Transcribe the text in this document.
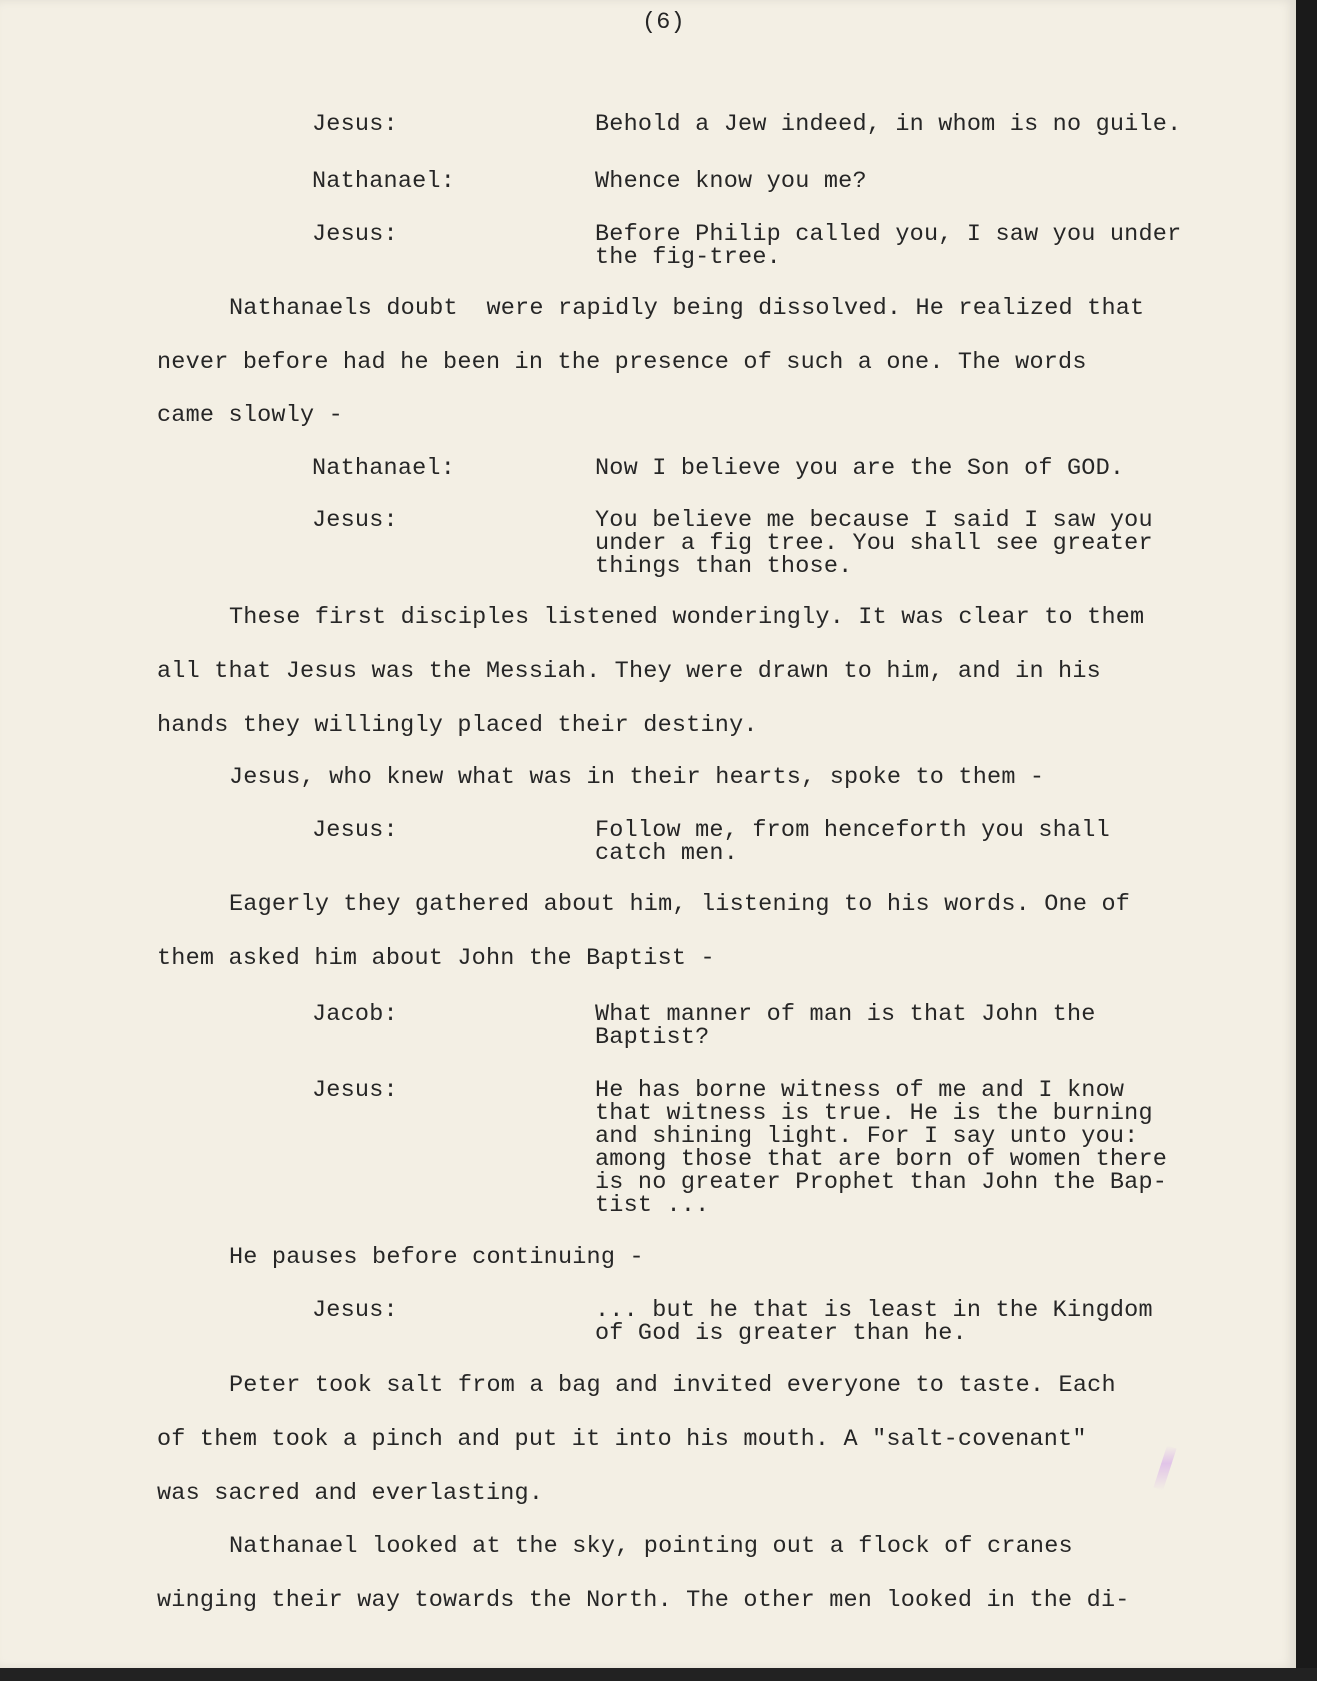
(6)
Jesus:	Behold a Jew indeed, in whom is no guile.
Nathanael:	Whence know you me?
Jesus:	Before Philip called you, I saw you under
the fig-tree.
Nathanaels doubt  were rapidly being dissolved. He realized that
never before had he been in the presence of such a one. The words
came slowly -
Nathanael:	Now I believe you are the Son of GOD.
Jesus:	You believe me because I said I saw you
under a fig tree. You shall see greater
things than those.
These first disciples listened wonderingly. It was clear to them
all that Jesus was the Messiah. They were drawn to him, and in his
hands they willingly placed their destiny.
Jesus, who knew what was in their hearts, spoke to them -
Jesus:	Follow me, from henceforth you shall
catch men.
Eagerly they gathered about him, listening to his words. One of
them asked him about John the Baptist -
Jacob:	What manner of man is that John the
Baptist?
Jesus:	He has borne witness of me and I know
that witness is true. He is the burning
and shining light. For I say unto you:
among those that are born of women there
is no greater Prophet than John the Bap-
tist ...
He pauses before continuing -
Jesus:	... but he that is least in the Kingdom
of God is greater than he.
Peter took salt from a bag and invited everyone to taste. Each
of them took a pinch and put it into his mouth. A "salt-covenant"
was sacred and everlasting.
Nathanael looked at the sky, pointing out a flock of cranes
winging their way towards the North. The other men looked in the di-
